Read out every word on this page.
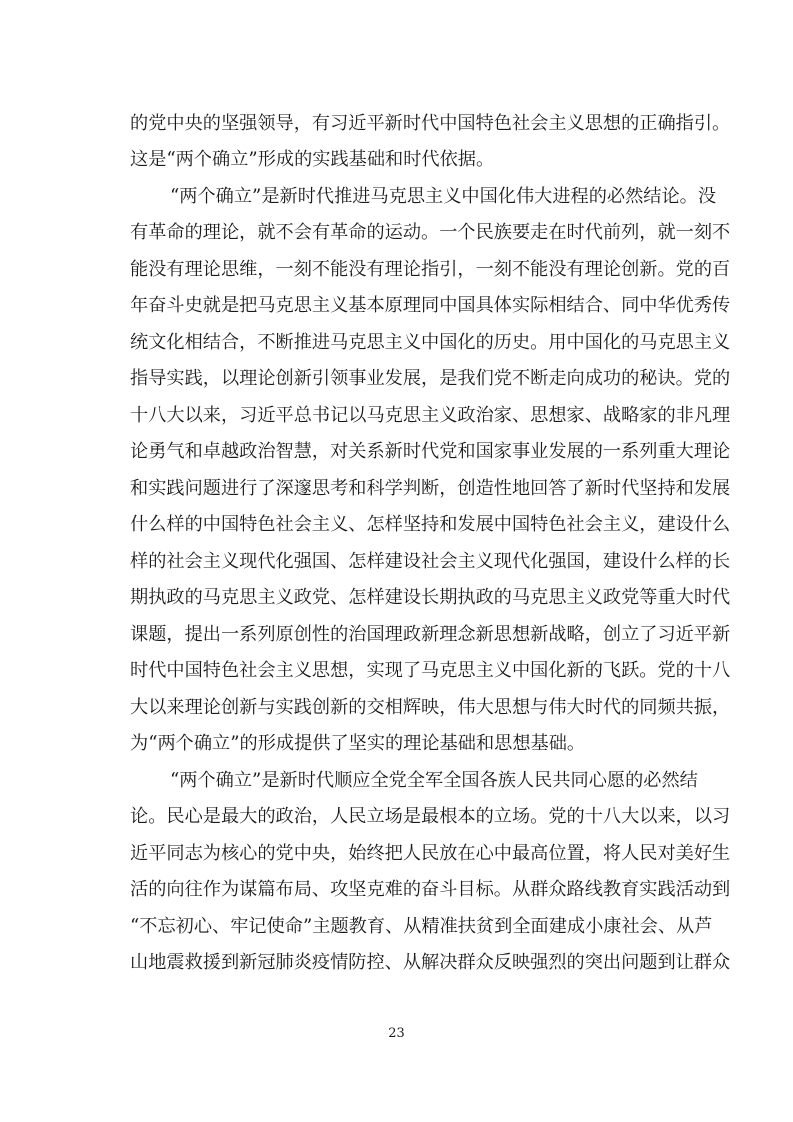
的党中央的坚强领导，有习近平新时代中国特色社会主义思想的正确指引。
这是“两个确立”形成的实践基础和时代依据。
“两个确立”是新时代推进马克思主义中国化伟大进程的必然结论。没
有革命的理论，就不会有革命的运动。一个民族要走在时代前列，就一刻不
能没有理论思维，一刻不能没有理论指引，一刻不能没有理论创新。党的百
年奋斗史就是把马克思主义基本原理同中国具体实际相结合、同中华优秀传
统文化相结合，不断推进马克思主义中国化的历史。用中国化的马克思主义
指导实践，以理论创新引领事业发展，是我们党不断走向成功的秘诀。党的
十八大以来，习近平总书记以马克思主义政治家、思想家、战略家的非凡理
论勇气和卓越政治智慧，对关系新时代党和国家事业发展的一系列重大理论
和实践问题进行了深邃思考和科学判断，创造性地回答了新时代坚持和发展
什么样的中国特色社会主义、怎样坚持和发展中国特色社会主义，建设什么
样的社会主义现代化强国、怎样建设社会主义现代化强国，建设什么样的长
期执政的马克思主义政党、怎样建设长期执政的马克思主义政党等重大时代
课题，提出一系列原创性的治国理政新理念新思想新战略，创立了习近平新
时代中国特色社会主义思想，实现了马克思主义中国化新的飞跃。党的十八
大以来理论创新与实践创新的交相辉映，伟大思想与伟大时代的同频共振，
为“两个确立”的形成提供了坚实的理论基础和思想基础。
“两个确立”是新时代顺应全党全军全国各族人民共同心愿的必然结
论。民心是最大的政治，人民立场是最根本的立场。党的十八大以来，以习
近平同志为核心的党中央，始终把人民放在心中最高位置，将人民对美好生
活的向往作为谋篇布局、攻坚克难的奋斗目标。从群众路线教育实践活动到
“不忘初心、牢记使命”主题教育、从精准扶贫到全面建成小康社会、从芦
山地震救援到新冠肺炎疫情防控、从解决群众反映强烈的突出问题到让群众
23
